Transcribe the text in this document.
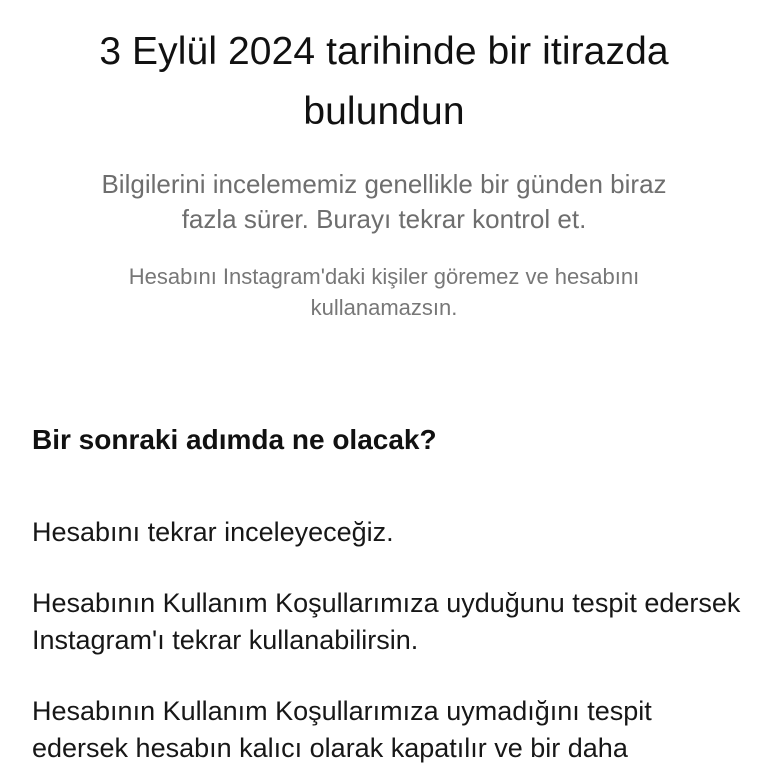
3 Eylül 2024 tarihinde bir itirazda bulundun

Bilgilerini incelememiz genellikle bir günden biraz fazla sürer. Burayı tekrar kontrol et.

Hesabını Instagram'daki kişiler göremez ve hesabını kullanamazsın.

Bir sonraki adımda ne olacak?

Hesabını tekrar inceleyeceğiz.

Hesabının Kullanım Koşullarımıza uyduğunu tespit edersek Instagram'ı tekrar kullanabilirsin.

Hesabının Kullanım Koşullarımıza uymadığını tespit edersek hesabın kalıcı olarak kapatılır ve bir daha
